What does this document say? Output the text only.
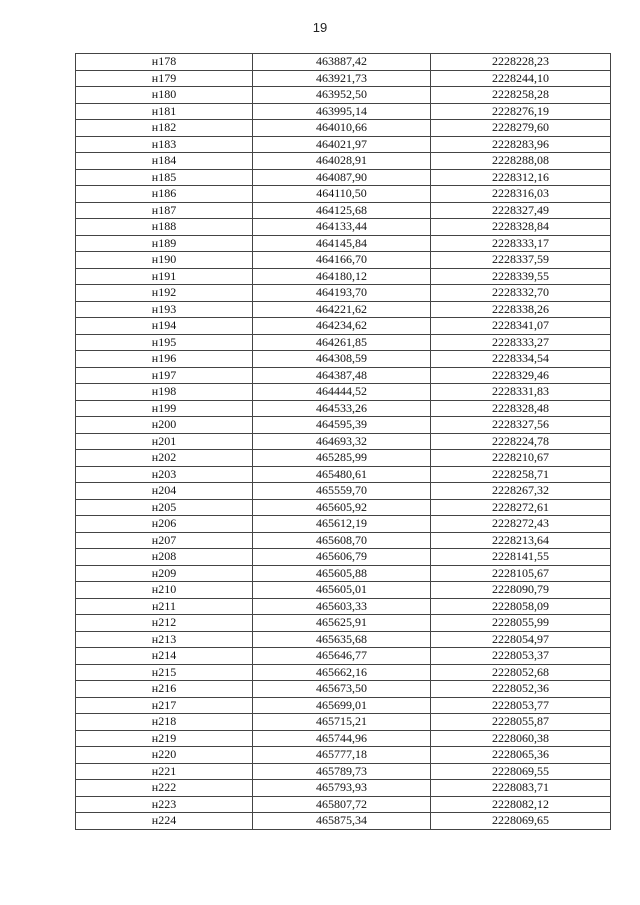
19
н178	463887,42	2228228,23
н179	463921,73	2228244,10
н180	463952,50	2228258,28
н181	463995,14	2228276,19
н182	464010,66	2228279,60
н183	464021,97	2228283,96
н184	464028,91	2228288,08
н185	464087,90	2228312,16
н186	464110,50	2228316,03
н187	464125,68	2228327,49
н188	464133,44	2228328,84
н189	464145,84	2228333,17
н190	464166,70	2228337,59
н191	464180,12	2228339,55
н192	464193,70	2228332,70
н193	464221,62	2228338,26
н194	464234,62	2228341,07
н195	464261,85	2228333,27
н196	464308,59	2228334,54
н197	464387,48	2228329,46
н198	464444,52	2228331,83
н199	464533,26	2228328,48
н200	464595,39	2228327,56
н201	464693,32	2228224,78
н202	465285,99	2228210,67
н203	465480,61	2228258,71
н204	465559,70	2228267,32
н205	465605,92	2228272,61
н206	465612,19	2228272,43
н207	465608,70	2228213,64
н208	465606,79	2228141,55
н209	465605,88	2228105,67
н210	465605,01	2228090,79
н211	465603,33	2228058,09
н212	465625,91	2228055,99
н213	465635,68	2228054,97
н214	465646,77	2228053,37
н215	465662,16	2228052,68
н216	465673,50	2228052,36
н217	465699,01	2228053,77
н218	465715,21	2228055,87
н219	465744,96	2228060,38
н220	465777,18	2228065,36
н221	465789,73	2228069,55
н222	465793,93	2228083,71
н223	465807,72	2228082,12
н224	465875,34	2228069,65
